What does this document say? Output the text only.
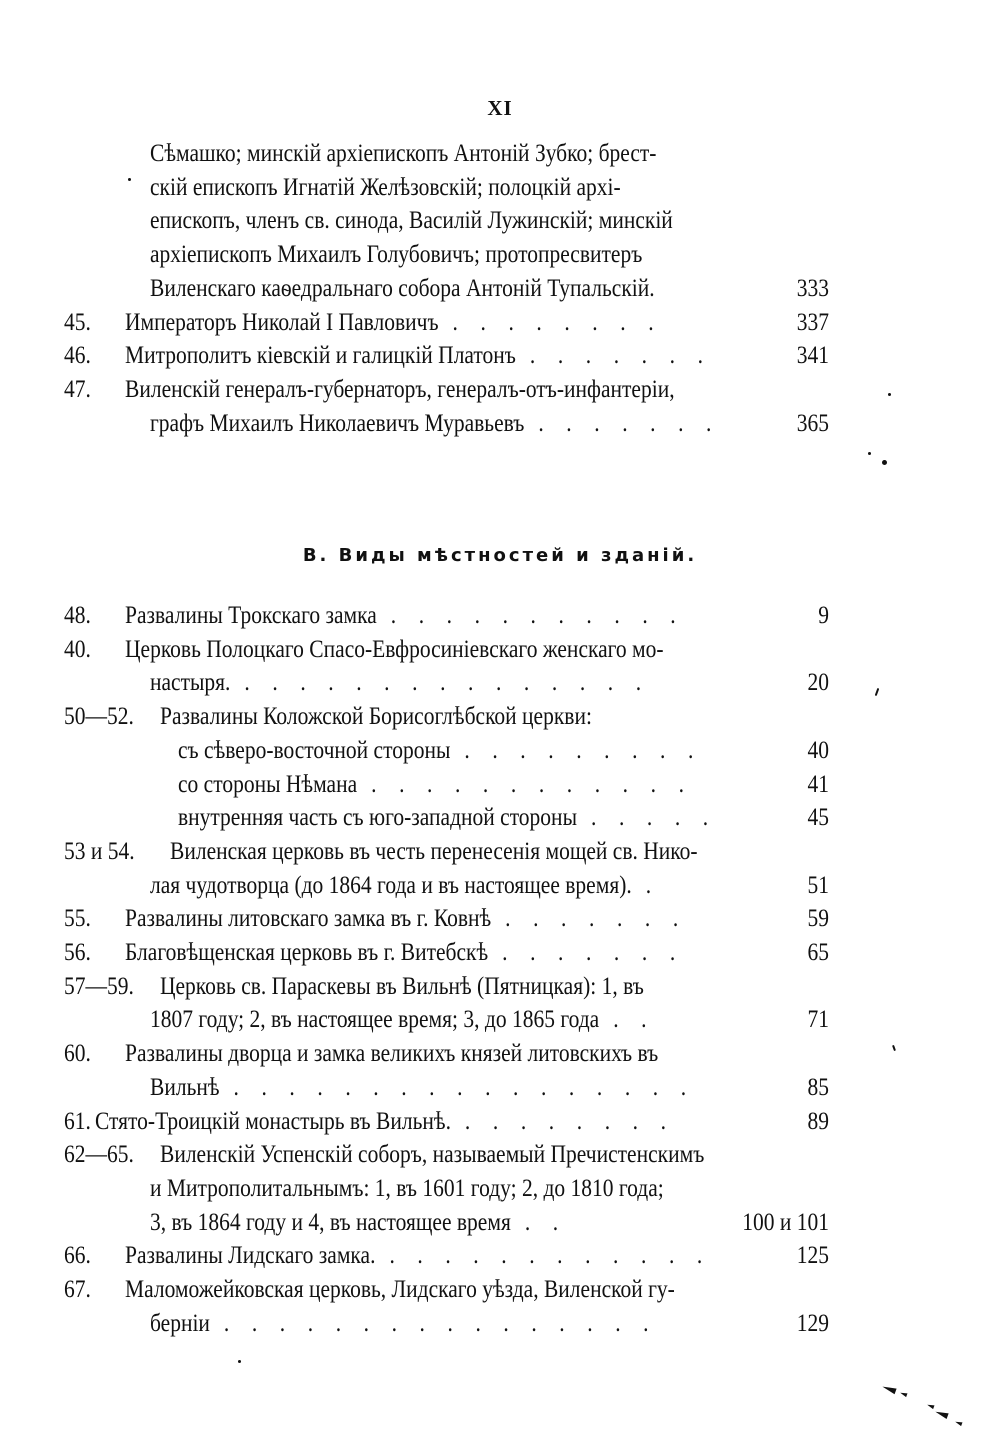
XI
Сѣмашко; минскій архіепископъ Антоній Зубко; брест-
скій епископъ Игнатій Желѣзовскій; полоцкій архі-
епископъ, членъ св. синода, Василій Лужинскій; минскій
архіепископъ Михаилъ Голубовичъ; протопресвитеръ
Виленскаго каѳедральнаго собора Антоній Тупальскій.	333
45. Императоръ Николай I Павловичъ . . . . . . . .	337
46. Митрополитъ кіевскій и галицкій Платонъ . . . . . . .	341
47. Виленскій генералъ-губернаторъ, генералъ-отъ-инфантеріи,
графъ Михаилъ Николаевичъ Муравьевъ . . . . . . .	365
48. Развалины Трокскаго замка . . . . . . . . . . .	9
40. Церковь Полоцкаго Спасо-Евфросиніевскаго женскаго мо-
настыря. . . . . . . . . . . . . . . .	20
50—52. Развалины Коложской Борисоглѣбской церкви:
съ сѣверо-восточной стороны . . . . . . . . .	40
со стороны Нѣмана . . . . . . . . . . . .	41
внутренняя часть съ юго-западной стороны . . . . .	45
53 и 54. Виленская церковь въ честь перенесенія мощей св. Нико-
лая чудотворца (до 1864 года и въ настоящее время). .	51
55. Развалины литовскаго замка въ г. Ковнѣ . . . . . . .	59
56. Благовѣщенская церковь въ г. Витебскѣ . . . . . . .	65
57—59. Церковь св. Параскевы въ Вильнѣ (Пятницкая): 1, въ
1807 году; 2, въ настоящее время; 3, до 1865 года . .	71
60. Развалины дворца и замка великихъ князей литовскихъ въ
Вильнѣ . . . . . . . . . . . . . . . . .	85
61. Стято-Троицкій монастырь въ Вильнѣ. . . . . . . . .	89
62—65. Виленскій Успенскій соборъ, называемый Пречистенскимъ
и Митрополитальнымъ: 1, въ 1601 году; 2, до 1810 года;
3, въ 1864 году и 4, въ настоящее время . .	100 и 101
66. Развалины Лидскаго замка. . . . . . . . . . . . .	125
67. Маломожейковская церковь, Лидскаго уѣзда, Виленской гу-
берніи . . . . . . . . . . . . . . . .	129
В. Виды мѣстностей и зданій.
